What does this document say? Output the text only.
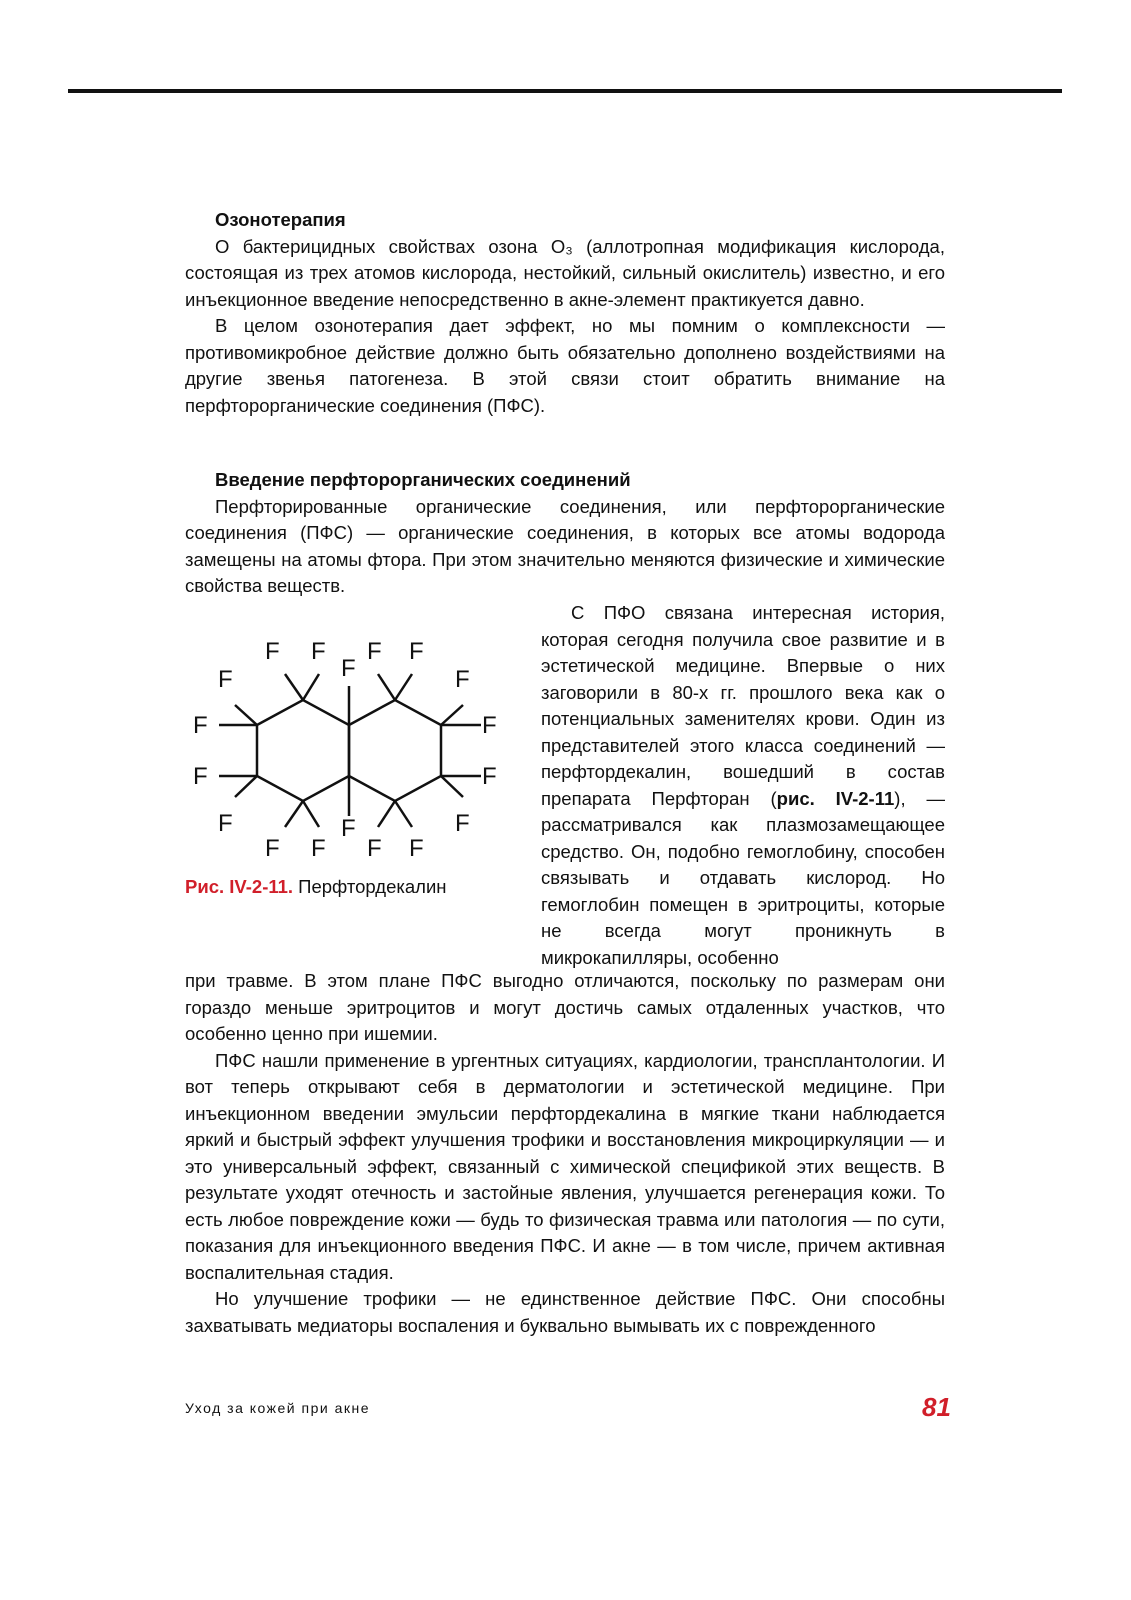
Озонотерапия

О бактерицидных свойствах озона O₃ (аллотропная модификация кислорода, состоящая из трех атомов кислорода, нестойкий, сильный окислитель) известно, и его инъекционное введение непосредственно в акне-элемент практикуется давно.

В целом озонотерапия дает эффект, но мы помним о комплексности — противомикробное действие должно быть обязательно дополнено воздействиями на другие звенья патогенеза. В этой связи стоит обратить внимание на перфторорганические соединения (ПФС).

Введение перфторорганических соединений

Перфторированные органические соединения, или перфторорганические соединения (ПФС) — органические соединения, в которых все атомы водорода замещены на атомы фтора. При этом значительно меняются физические и химические свойства веществ.

F F
F
F F
F	F
F	F
F	F
F	F
F
F F F F
Рис. IV-2-11. Перфтордекалин

С ПФО связана интересная история, которая сегодня получила свое развитие и в эстетической медицине. Впервые о них заговорили в 80-х гг. прошлого века как о потенциальных заменителях крови. Один из представителей этого класса соединений — перфтордекалин, вошедший в состав препарата Перфторан (рис. IV-2-11), — рассматривался как плазмозамещающее средство. Он, подобно гемоглобину, способен связывать и отдавать кислород. Но гемоглобин помещен в эритроциты, которые не всегда могут проникнуть в микрокапилляры, особенно

при травме. В этом плане ПФС выгодно отличаются, поскольку по размерам они гораздо меньше эритроцитов и могут достичь самых отдаленных участков, что особенно ценно при ишемии.

ПФС нашли применение в ургентных ситуациях, кардиологии, трансплантологии. И вот теперь открывают себя в дерматологии и эстетической медицине. При инъекционном введении эмульсии перфтордекалина в мягкие ткани наблюдается яркий и быстрый эффект улучшения трофики и восстановления микроциркуляции — и это универсальный эффект, связанный с химической спецификой этих веществ. В результате уходят отечность и застойные явления, улучшается регенерация кожи. То есть любое повреждение кожи — будь то физическая травма или патология — по сути, показания для инъекционного введения ПФС. И акне — в том числе, причем активная воспалительная стадия.

Но улучшение трофики — не единственное действие ПФС. Они способны захватывать медиаторы воспаления и буквально вымывать их с поврежденного

Уход за кожей при акне	81
